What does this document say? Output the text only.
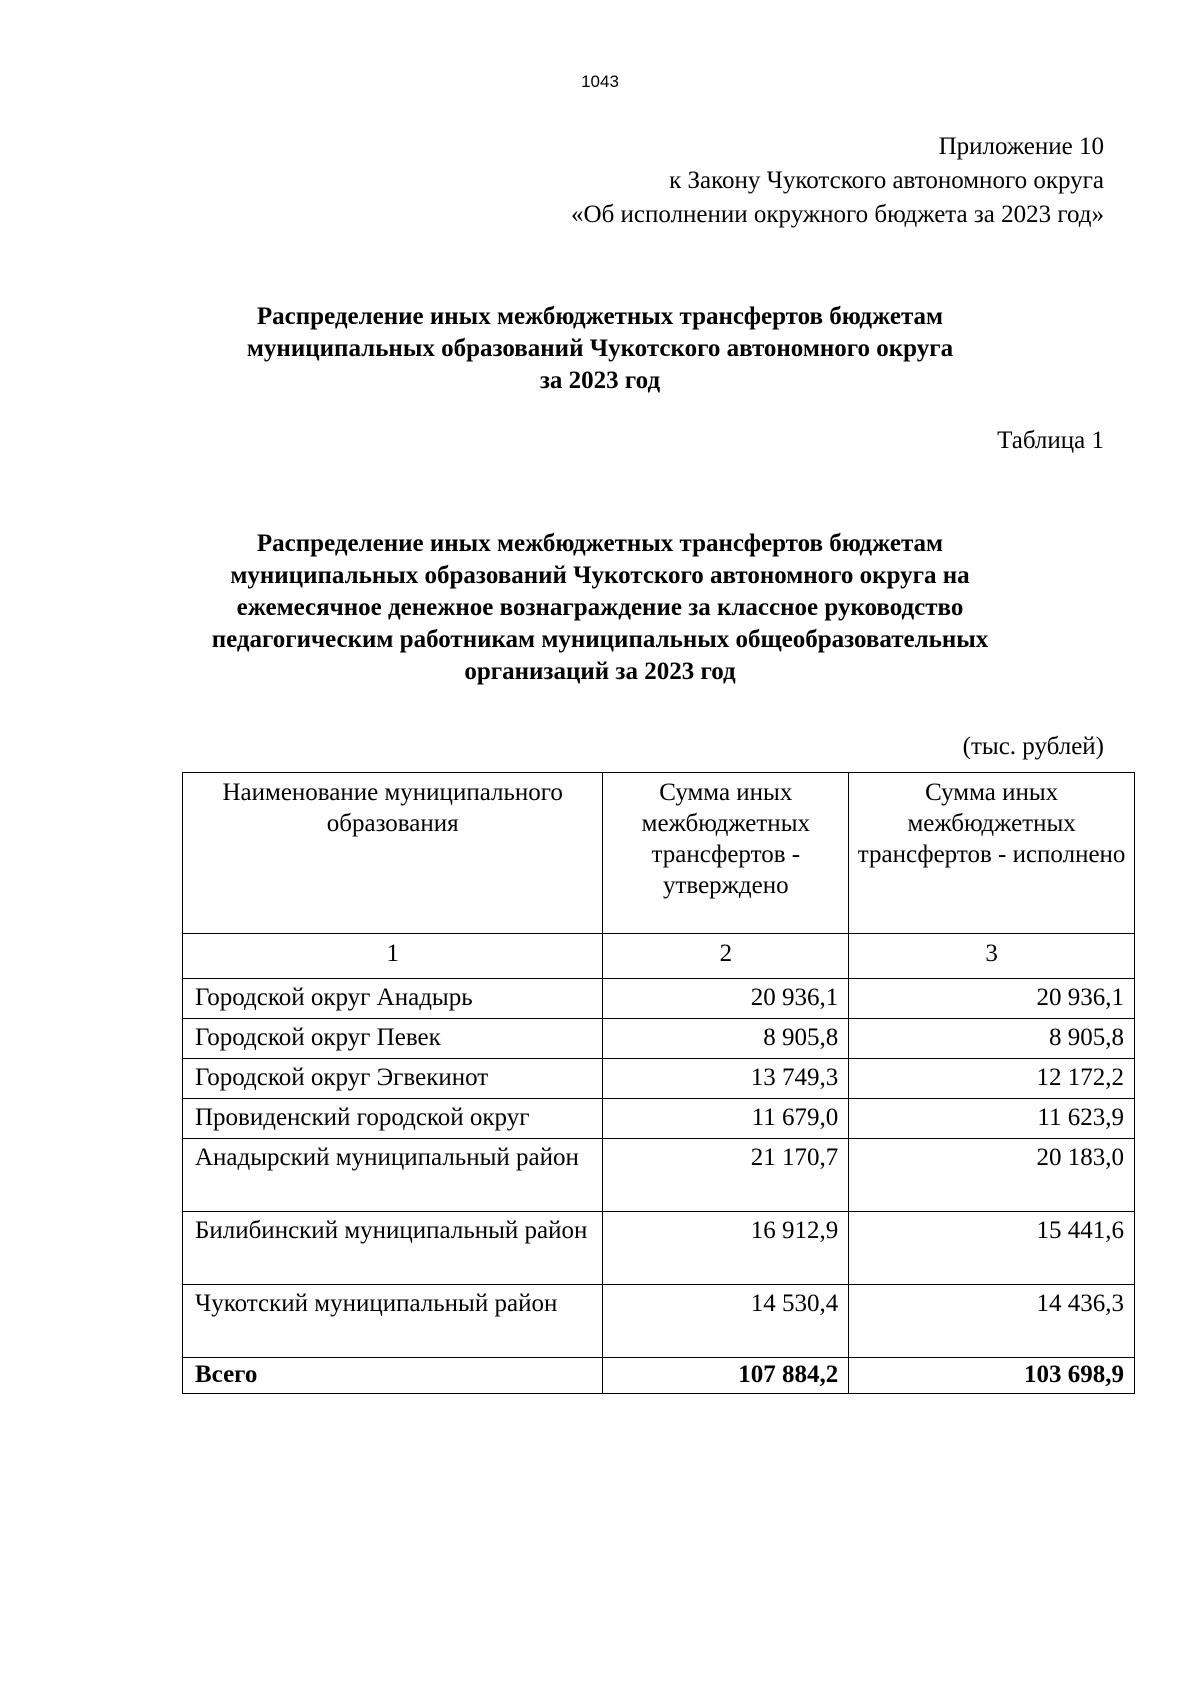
1043
Приложение 10
к Закону Чукотского автономного округа
«Об исполнении окружного бюджета за 2023 год»
Распределение иных межбюджетных трансфертов бюджетам
муниципальных образований Чукотского автономного округа
за 2023 год
Таблица 1
Распределение иных межбюджетных трансфертов бюджетам
муниципальных образований Чукотского автономного округа на
ежемесячное денежное вознаграждение за классное руководство
педагогическим работникам муниципальных общеобразовательных
организаций за 2023 год
(тыс. рублей)
Наименование муниципального образования	Сумма иных межбюджетных трансфертов - утверждено	Сумма иных межбюджетных трансфертов - исполнено
1	2	3
Городской округ Анадырь	20 936,1	20 936,1
Городской округ Певек	8 905,8	8 905,8
Городской округ Эгвекинот	13 749,3	12 172,2
Провиденский городской округ	11 679,0	11 623,9
Анадырский муниципальный район	21 170,7	20 183,0
Билибинский муниципальный район	16 912,9	15 441,6
Чукотский муниципальный район	14 530,4	14 436,3
Всего	107 884,2	103 698,9
